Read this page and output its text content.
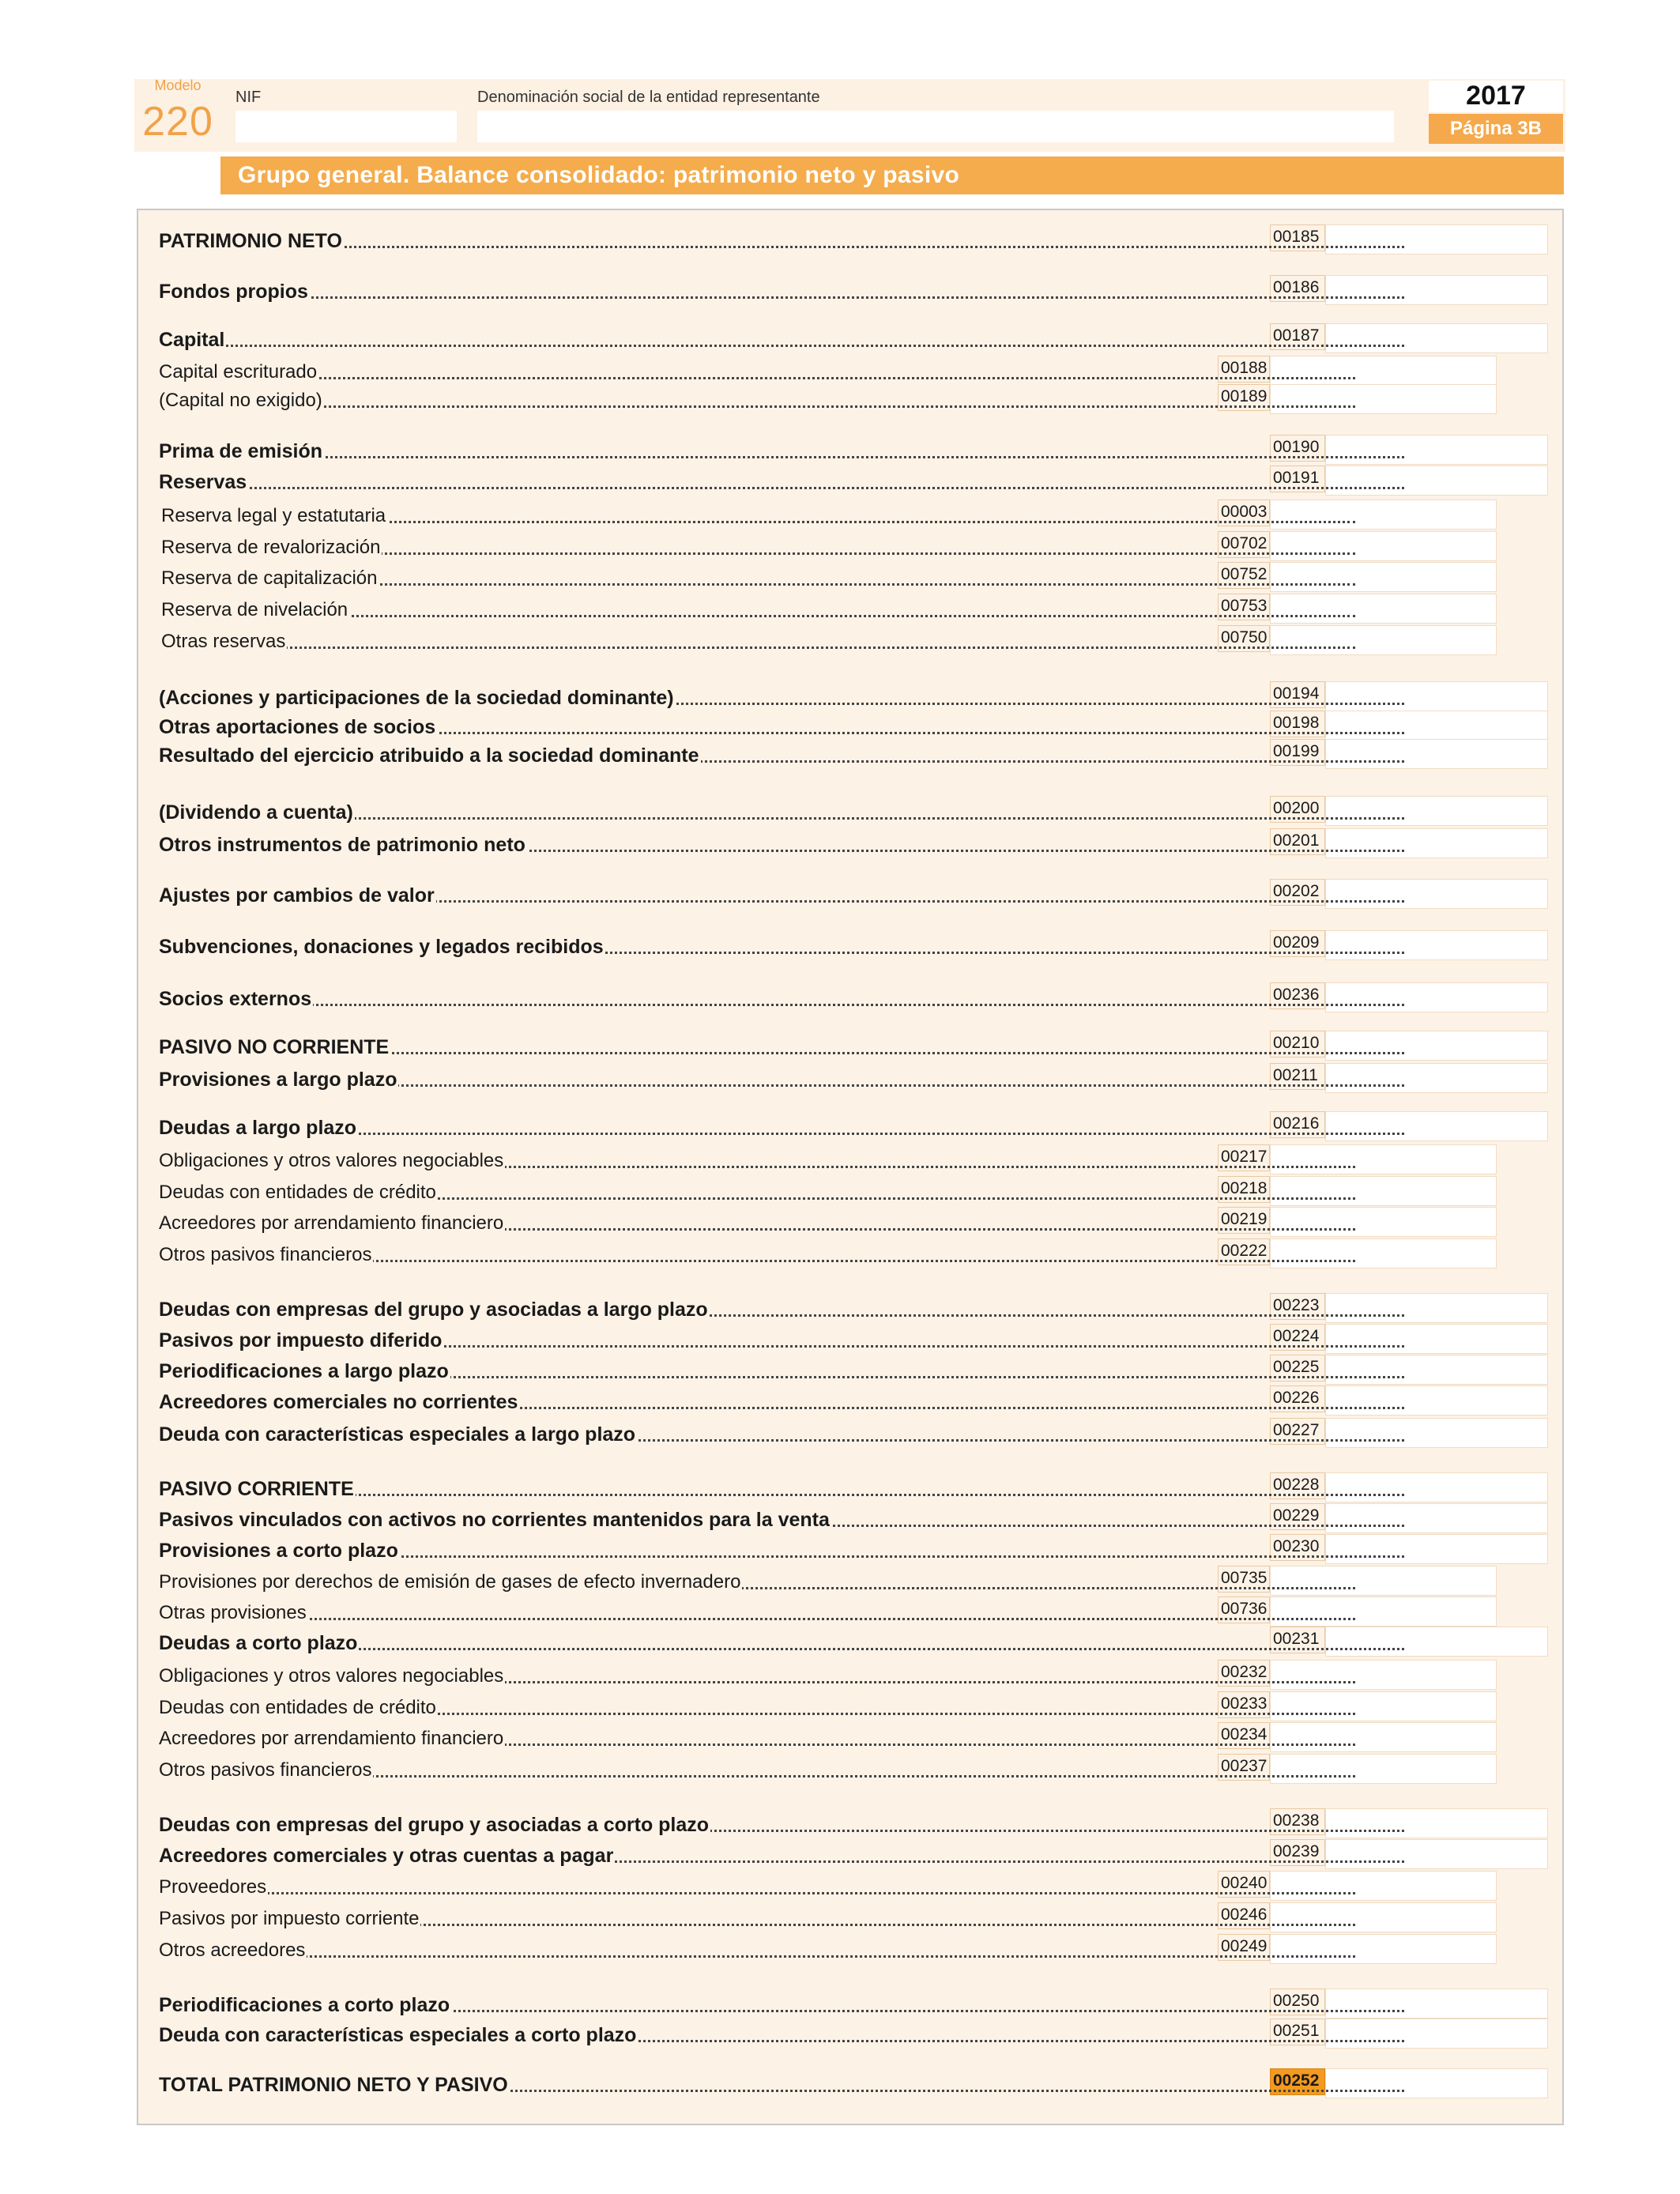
Modelo
220
NIF	Denominación social de la entidad representante	2017
Página 3B
Grupo general. Balance consolidado: patrimonio neto y pasivo
PATRIMONIO NETO	00185
Fondos propios	00186
Capital	00187
Capital escriturado	00188
(Capital no exigido)	00189
Prima de emisión	00190
Reservas	00191
Reserva legal y estatutaria	00003
Reserva de revalorización	00702
Reserva de capitalización	00752
Reserva de nivelación	00753
Otras reservas	00750
(Acciones y participaciones de la sociedad dominante)	00194
Otras aportaciones de socios	00198
Resultado del ejercicio atribuido a la sociedad dominante	00199
(Dividendo a cuenta)	00200
Otros instrumentos de patrimonio neto	00201
Ajustes por cambios de valor	00202
Subvenciones, donaciones y legados recibidos	00209
Socios externos	00236
PASIVO NO CORRIENTE	00210
Provisiones a largo plazo	00211
Deudas a largo plazo	00216
Obligaciones y otros valores negociables	00217
Deudas con entidades de crédito	00218
Acreedores por arrendamiento financiero	00219
Otros pasivos financieros	00222
Deudas con empresas del grupo y asociadas a largo plazo	00223
Pasivos por impuesto diferido	00224
Periodificaciones a largo plazo	00225
Acreedores comerciales no corrientes	00226
Deuda con características especiales a largo plazo	00227
PASIVO CORRIENTE	00228
Pasivos vinculados con activos no corrientes mantenidos para la venta	00229
Provisiones a corto plazo	00230
Provisiones por derechos de emisión de gases de efecto invernadero	00735
Otras provisiones	00736
Deudas a corto plazo	00231
Obligaciones y otros valores negociables	00232
Deudas con entidades de crédito	00233
Acreedores por arrendamiento financiero	00234
Otros pasivos financieros	00237
Deudas con empresas del grupo y asociadas a corto plazo	00238
Acreedores comerciales y otras cuentas a pagar	00239
Proveedores	00240
Pasivos por impuesto corriente	00246
Otros acreedores	00249
Periodificaciones a corto plazo	00250
Deuda con características especiales a corto plazo	00251
TOTAL PATRIMONIO NETO Y PASIVO	00252
